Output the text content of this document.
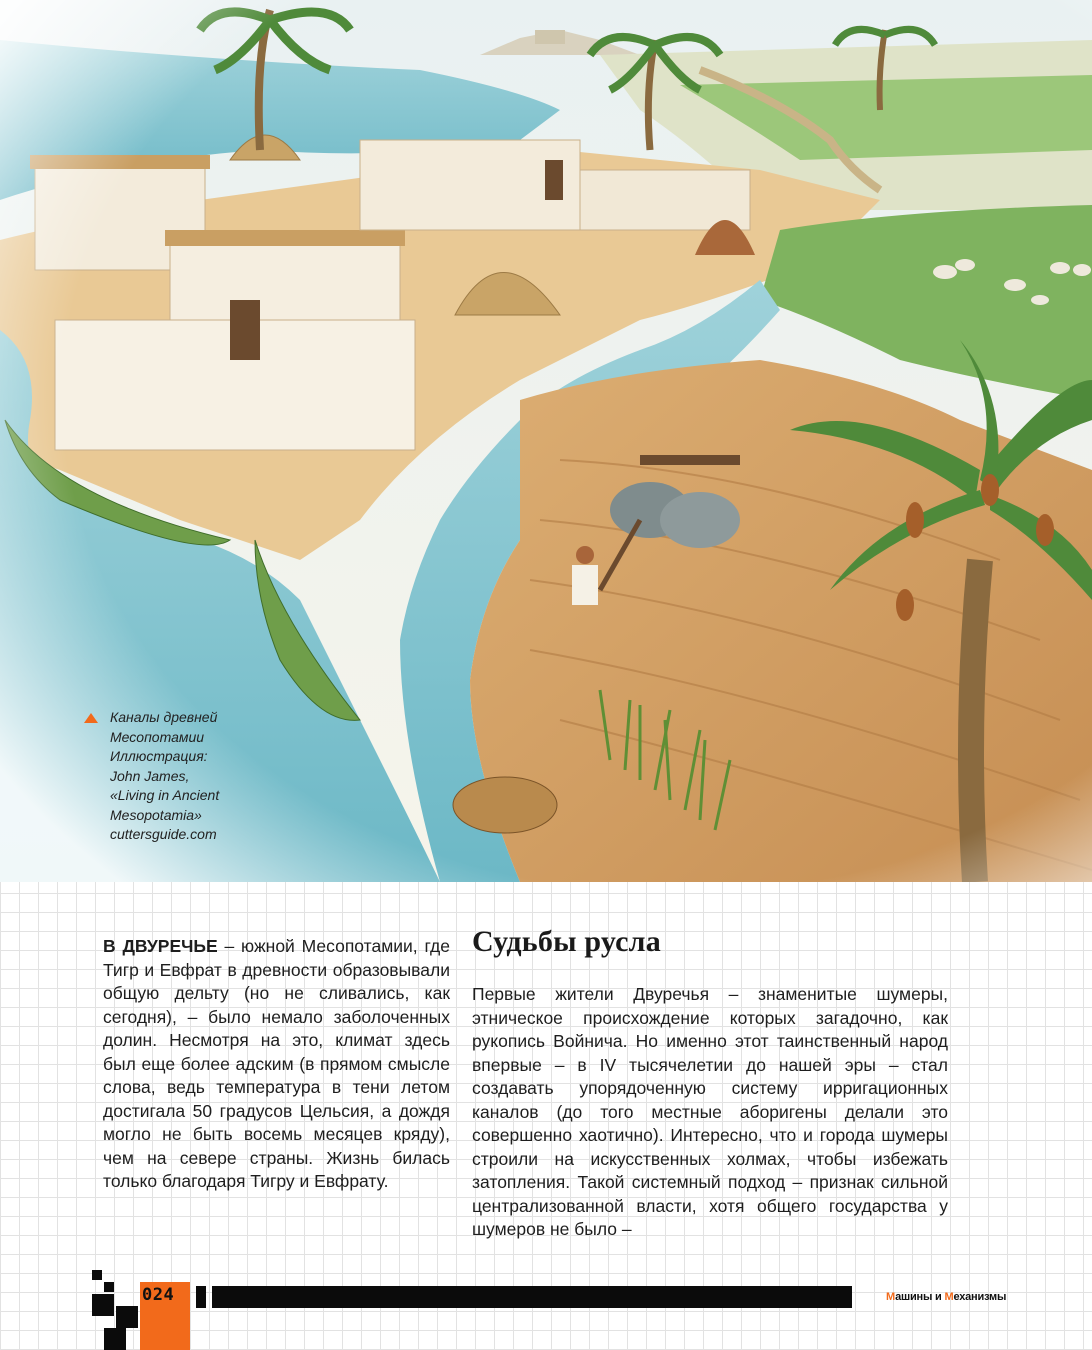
Каналы древней
Месопотамии
Иллюстрация:
John James,
«Living in Ancient
Mesopotamia»
cuttersguide.com

В ДВУРЕЧЬЕ – южной Месопотамии, где Тигр и Евфрат в древности образовывали общую дельту (но не сливались, как сегодня), – было немало заболоченных долин. Несмотря на это, климат здесь был еще более адским (в прямом смысле слова, ведь температура в тени летом достигала 50 градусов Цельсия, а дождя могло не быть восемь месяцев кряду), чем на севере страны. Жизнь билась только благодаря Тигру и Евфрату.

Судьбы русла

Первые жители Двуречья – знаменитые шумеры, этническое происхождение которых загадочно, как рукопись Войнича. Но именно этот таинственный народ впервые – в IV тысячелетии до нашей эры – стал создавать упорядоченную систему ирригационных каналов (до того местные аборигены делали это совершенно хаотично). Интересно, что и города шумеры строили на искусственных холмах, чтобы избежать затопления. Такой системный подход – признак сильной централизованной власти, хотя общего государства у шумеров не было –

024	Машины и Механизмы
